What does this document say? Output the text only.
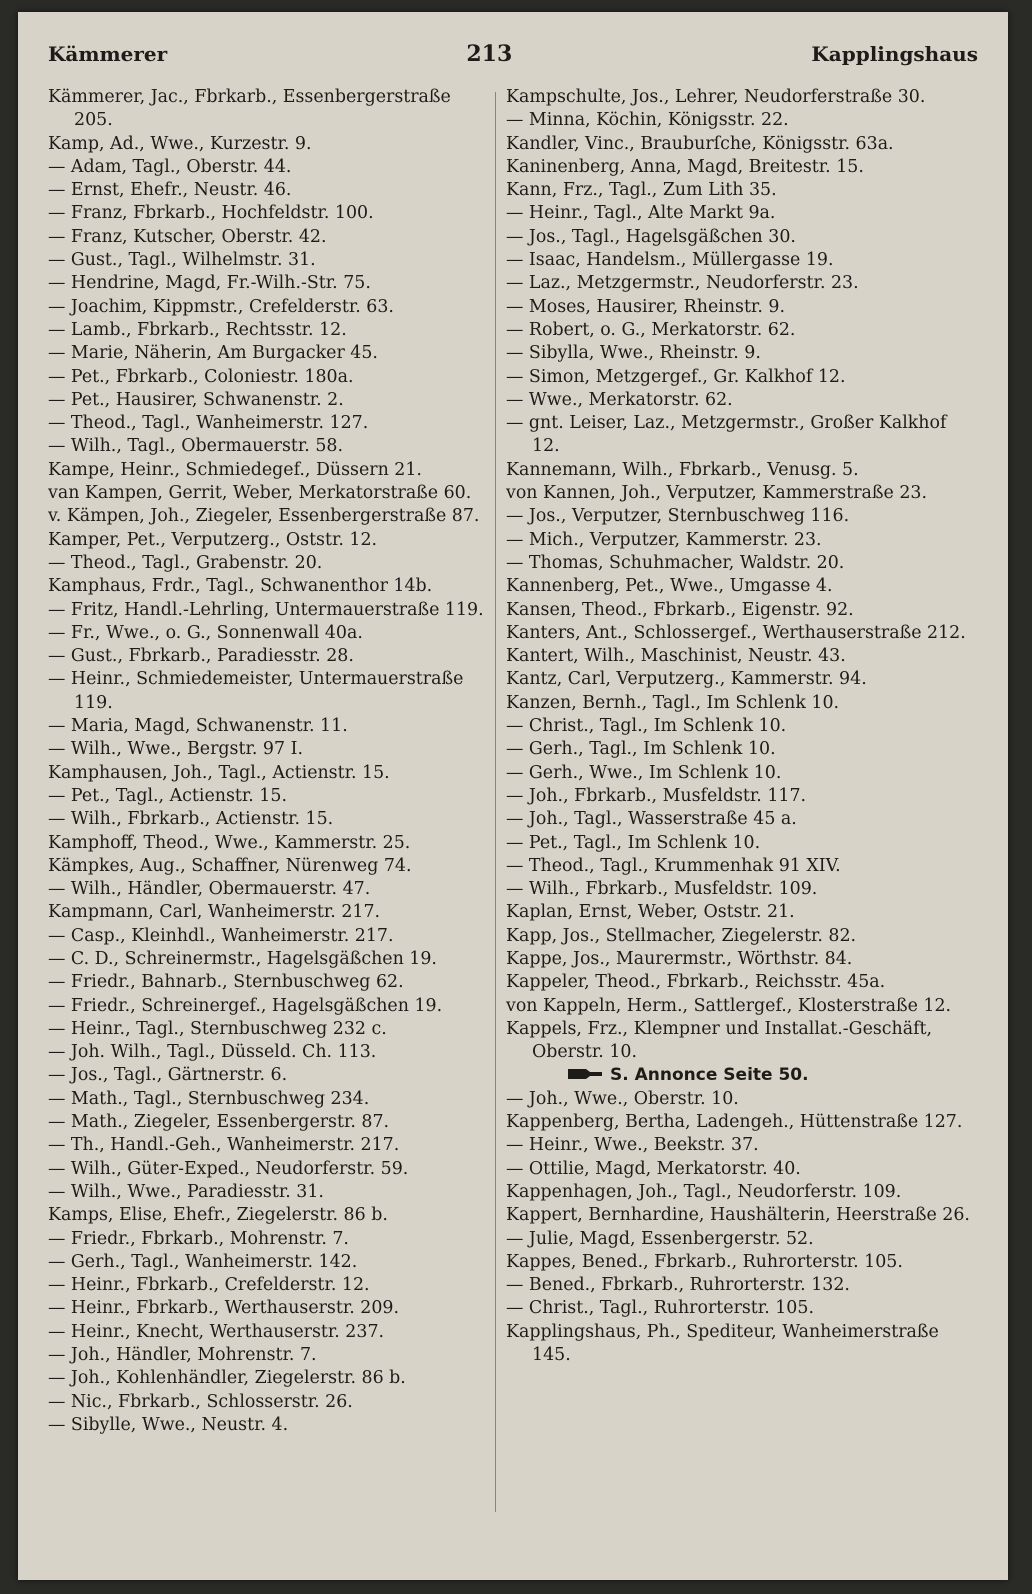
Kämmerer	213	Kapplingshaus
Kämmerer, Jac., Fbrkarb., Essenbergerstraße 205.
Kamp, Ad., Wwe., Kurzestr. 9.
— Adam, Tagl., Oberstr. 44.
— Ernst, Ehefr., Neustr. 46.
— Franz, Fbrkarb., Hochfeldstr. 100.
— Franz, Kutscher, Oberstr. 42.
— Gust., Tagl., Wilhelmstr. 31.
— Hendrine, Magd, Fr.-Wilh.-Str. 75.
— Joachim, Kippmstr., Crefelderstr. 63.
— Lamb., Fbrkarb., Rechtsstr. 12.
— Marie, Näherin, Am Burgacker 45.
— Pet., Fbrkarb., Coloniestr. 180a.
— Pet., Hausirer, Schwanenstr. 2.
— Theod., Tagl., Wanheimerstr. 127.
— Wilh., Tagl., Obermauerstr. 58.
Kampe, Heinr., Schmiedegef., Düssern 21.
van Kampen, Gerrit, Weber, Merkatorstraße 60.
v. Kämpen, Joh., Ziegeler, Essenbergerstraße 87.
Kamper, Pet., Verputzerg., Oststr. 12.
— Theod., Tagl., Grabenstr. 20.
Kamphaus, Frdr., Tagl., Schwanenthor 14b.
— Fritz, Handl.-Lehrling, Untermauerstraße 119.
— Fr., Wwe., o. G., Sonnenwall 40a.
— Gust., Fbrkarb., Paradiesstr. 28.
— Heinr., Schmiedemeister, Untermauerstraße 119.
— Maria, Magd, Schwanenstr. 11.
— Wilh., Wwe., Bergstr. 97 I.
Kamphausen, Joh., Tagl., Actienstr. 15.
— Pet., Tagl., Actienstr. 15.
— Wilh., Fbrkarb., Actienstr. 15.
Kamphoff, Theod., Wwe., Kammerstr. 25.
Kämpkes, Aug., Schaffner, Nürenweg 74.
— Wilh., Händler, Obermauerstr. 47.
Kampmann, Carl, Wanheimerstr. 217.
— Casp., Kleinhdl., Wanheimerstr. 217.
— C. D., Schreinermstr., Hagelsgäßchen 19.
— Friedr., Bahnarb., Sternbuschweg 62.
— Friedr., Schreinergef., Hagelsgäßchen 19.
— Heinr., Tagl., Sternbuschweg 232 c.
— Joh. Wilh., Tagl., Düsseld. Ch. 113.
— Jos., Tagl., Gärtnerstr. 6.
— Math., Tagl., Sternbuschweg 234.
— Math., Ziegeler, Essenbergerstr. 87.
— Th., Handl.-Geh., Wanheimerstr. 217.
— Wilh., Güter-Exped., Neudorferstr. 59.
— Wilh., Wwe., Paradiesstr. 31.
Kamps, Elise, Ehefr., Ziegelerstr. 86 b.
— Friedr., Fbrkarb., Mohrenstr. 7.
— Gerh., Tagl., Wanheimerstr. 142.
— Heinr., Fbrkarb., Crefelderstr. 12.
— Heinr., Fbrkarb., Werthauserstr. 209.
— Heinr., Knecht, Werthauserstr. 237.
— Joh., Händler, Mohrenstr. 7.
— Joh., Kohlenhändler, Ziegelerstr. 86 b.
— Nic., Fbrkarb., Schlosserstr. 26.
— Sibylle, Wwe., Neustr. 4.
Kampschulte, Jos., Lehrer, Neudorferstraße 30.
— Minna, Köchin, Königsstr. 22.
Kandler, Vinc., Brauburſche, Königsstr. 63a.
Kaninenberg, Anna, Magd, Breitestr. 15.
Kann, Frz., Tagl., Zum Lith 35.
— Heinr., Tagl., Alte Markt 9a.
— Jos., Tagl., Hagelsgäßchen 30.
— Isaac, Handelsm., Müllergasse 19.
— Laz., Metzgermstr., Neudorferstr. 23.
— Moses, Hausirer, Rheinstr. 9.
— Robert, o. G., Merkatorstr. 62.
— Sibylla, Wwe., Rheinstr. 9.
— Simon, Metzgergef., Gr. Kalkhof 12.
— Wwe., Merkatorstr. 62.
— gnt. Leiser, Laz., Metzgermstr., Großer Kalkhof 12.
Kannemann, Wilh., Fbrkarb., Venusg. 5.
von Kannen, Joh., Verputzer, Kammerstraße 23.
— Jos., Verputzer, Sternbuschweg 116.
— Mich., Verputzer, Kammerstr. 23.
— Thomas, Schuhmacher, Waldstr. 20.
Kannenberg, Pet., Wwe., Umgasse 4.
Kansen, Theod., Fbrkarb., Eigenstr. 92.
Kanters, Ant., Schlossergef., Werthauserstraße 212.
Kantert, Wilh., Maschinist, Neustr. 43.
Kantz, Carl, Verputzerg., Kammerstr. 94.
Kanzen, Bernh., Tagl., Im Schlenk 10.
— Christ., Tagl., Im Schlenk 10.
— Gerh., Tagl., Im Schlenk 10.
— Gerh., Wwe., Im Schlenk 10.
— Joh., Fbrkarb., Musfeldstr. 117.
— Joh., Tagl., Wasserstraße 45 a.
— Pet., Tagl., Im Schlenk 10.
— Theod., Tagl., Krummenhak 91 XIV.
— Wilh., Fbrkarb., Musfeldstr. 109.
Kaplan, Ernst, Weber, Oststr. 21.
Kapp, Jos., Stellmacher, Ziegelerstr. 82.
Kappe, Jos., Maurermstr., Wörthstr. 84.
Kappeler, Theod., Fbrkarb., Reichsstr. 45a.
von Kappeln, Herm., Sattlergef., Klosterstraße 12.
Kappels, Frz., Klempner und Installat.-Geschäft, Oberstr. 10.
S. Annonce Seite 50.
— Joh., Wwe., Oberstr. 10.
Kappenberg, Bertha, Ladengeh., Hüttenstraße 127.
— Heinr., Wwe., Beekstr. 37.
— Ottilie, Magd, Merkatorstr. 40.
Kappenhagen, Joh., Tagl., Neudorferstr. 109.
Kappert, Bernhardine, Haushälterin, Heerstraße 26.
— Julie, Magd, Essenbergerstr. 52.
Kappes, Bened., Fbrkarb., Ruhrorterstr. 105.
— Bened., Fbrkarb., Ruhrorterstr. 132.
— Christ., Tagl., Ruhrorterstr. 105.
Kapplingshaus, Ph., Spediteur, Wanheimerstraße 145.
